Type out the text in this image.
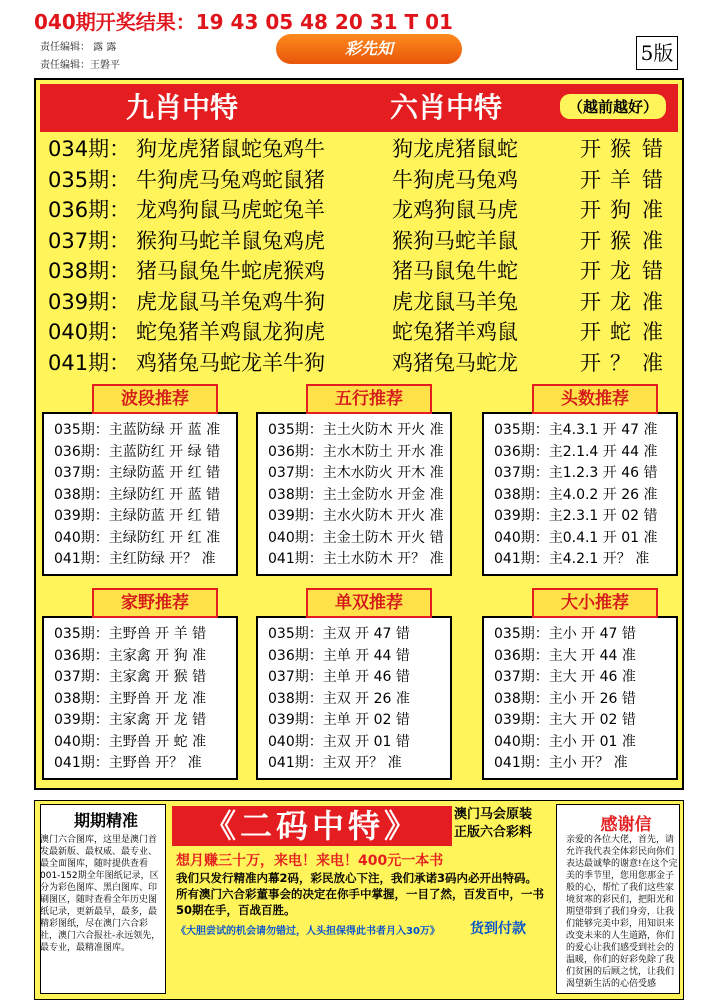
040期开奖结果：19 43 05 48 20 31 T 01
责任编辑： 露 露
责任编辑：王磐平
彩先知	5版
九肖中特	六肖中特	（越前越好）
034期： 狗龙虎猪鼠蛇兔鸡牛	狗龙虎猪鼠蛇	开 猴 错
035期： 牛狗虎马兔鸡蛇鼠猪	牛狗虎马兔鸡	开 羊 错
036期： 龙鸡狗鼠马虎蛇兔羊	龙鸡狗鼠马虎	开 狗 准
037期： 猴狗马蛇羊鼠兔鸡虎	猴狗马蛇羊鼠	开 猴 准
038期： 猪马鼠兔牛蛇虎猴鸡	猪马鼠兔牛蛇	开 龙 错
039期： 虎龙鼠马羊兔鸡牛狗	虎龙鼠马羊兔	开 龙 准
040期： 蛇兔猪羊鸡鼠龙狗虎	蛇兔猪羊鸡鼠	开 蛇 准
041期： 鸡猪兔马蛇龙羊牛狗	鸡猪兔马蛇龙	开 ？ 准
035期：主蓝防绿 开 蓝 准
036期：主蓝防红 开 绿 错
037期：主绿防蓝 开 红 错
038期：主绿防红 开 蓝 错
039期：主绿防蓝 开 红 错
040期：主绿防红 开 红 准
041期：主红防绿 开？ 准
波段推荐
035期：主土火防木 开火 准
036期：主水木防土 开水 准
037期：主木水防火 开木 准
038期：主土金防水 开金 准
039期：主水火防木 开火 准
040期：主金土防木 开火 错
041期：主土水防木 开？ 准
五行推荐
035期：主4.3.1 开 47 准
036期：主2.1.4 开 44 准
037期：主1.2.3 开 46 错
038期：主4.0.2 开 26 准
039期：主2.3.1 开 02 错
040期：主0.4.1 开 01 准
041期：主4.2.1 开？ 准
头数推荐
035期：主野兽 开 羊 错
036期：主家禽 开 狗 准
037期：主家禽 开 猴 错
038期：主野兽 开 龙 准
039期：主家禽 开 龙 错
040期：主野兽 开 蛇 准
041期：主野兽 开？ 准
家野推荐
035期：主双 开 47 错
036期：主单 开 44 错
037期：主单 开 46 错
038期：主双 开 26 准
039期：主单 开 02 错
040期：主双 开 01 错
041期：主双 开？ 准
单双推荐
035期：主小 开 47 错
036期：主大 开 44 准
037期：主大 开 46 准
038期：主小 开 26 错
039期：主大 开 02 错
040期：主小 开 01 准
041期：主小 开？ 准
大小推荐
期期精准
澳门六合图库，这里是澳门首发最新版、最权威、最专业、最全面图库，随时提供查看001-152期全年图纸记录，区分为彩色图库、黑白图库、印刷图区，随时查看全年历史图纸记录，更新最早，最多，最精彩图纸，尽在澳门六合彩社，澳门六合报社-永远领先，最专业，最精准图库。
《二码中特》	澳门马会原装
正版六合彩料
想月赚三十万，来电！来电！400元一本书
我们只发行精准内幕2码，彩民放心下注，我们承诺3码内必开出特码。所有澳门六合彩董事会的决定在你手中掌握，一目了然，百发百中，一书50期在手，百战百胜。
《大胆尝试的机会请勿错过，人头担保得此书者月入30万》 货到付款
感谢信
亲爱的各位大佬，首先，请允许我代表全体彩民向你们表达最诚挚的谢意!在这个完美的季节里，您用您那金子般的心，帮忙了我们这些家境贫寒的彩民们，把阳光和期望带到了我们身旁，让我们能够完美中彩，用知识来改变未来的人生道路，你们的爱心让我们感受到社会的温暖，你们的好彩免除了我们贫困的后顾之忧，让我们渴望新生活的心倍受感
